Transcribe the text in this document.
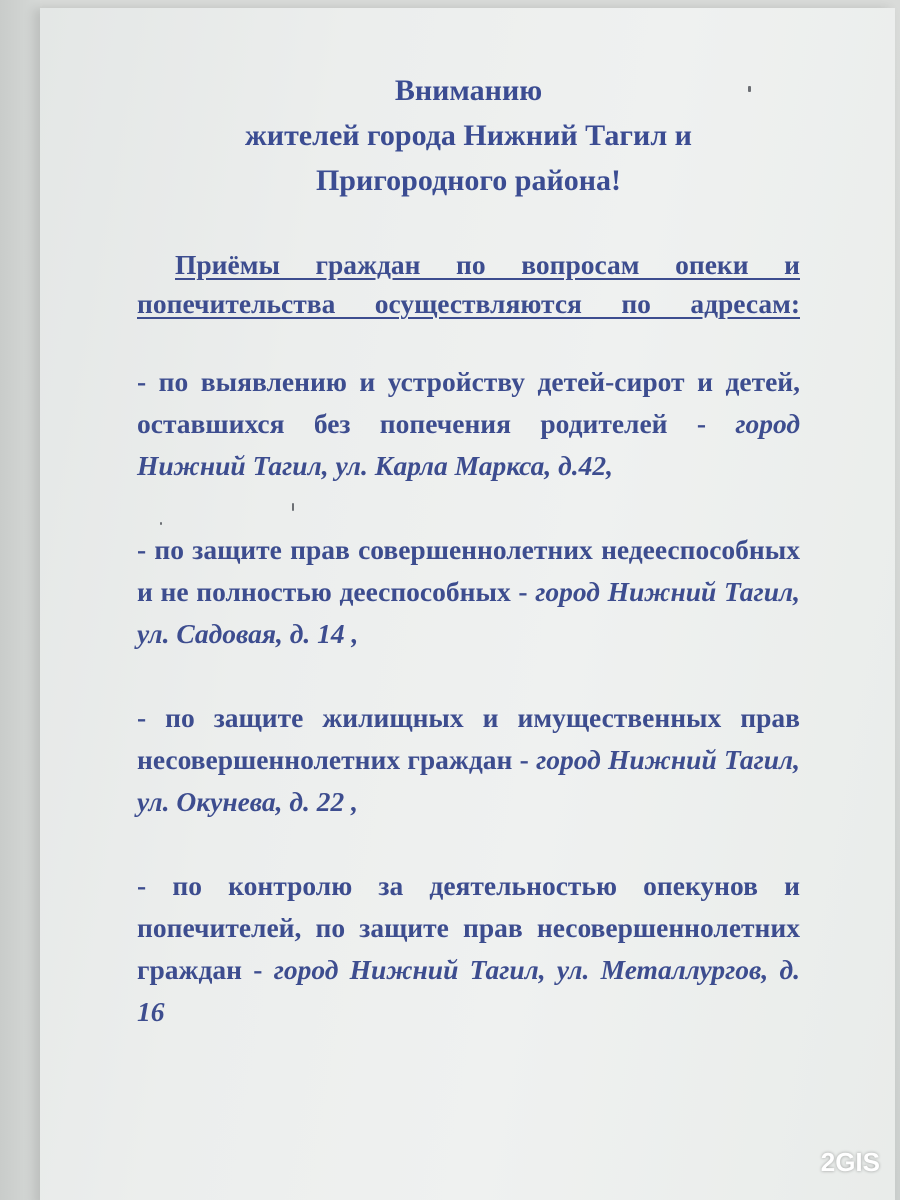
Вниманию
жителей города Нижний Тагил и
Пригородного района!

Приёмы граждан по вопросам опеки и
попечительства осуществляются по адресам:

- по выявлению и устройству детей-сирот и детей, оставшихся без попечения родителей - город Нижний Тагил, ул. Карла Маркса, д.42,

- по защите прав совершеннолетних недееспособных и не полностью дееспособных - город Нижний Тагил, ул. Садовая, д. 14 ,

- по защите жилищных и имущественных прав несовершеннолетних граждан - город Нижний Тагил, ул. Окунева, д. 22 ,

- по контролю за деятельностью опекунов и попечителей, по защите прав несовершеннолетних граждан - город Нижний Тагил, ул. Металлургов, д. 16

2GIS
